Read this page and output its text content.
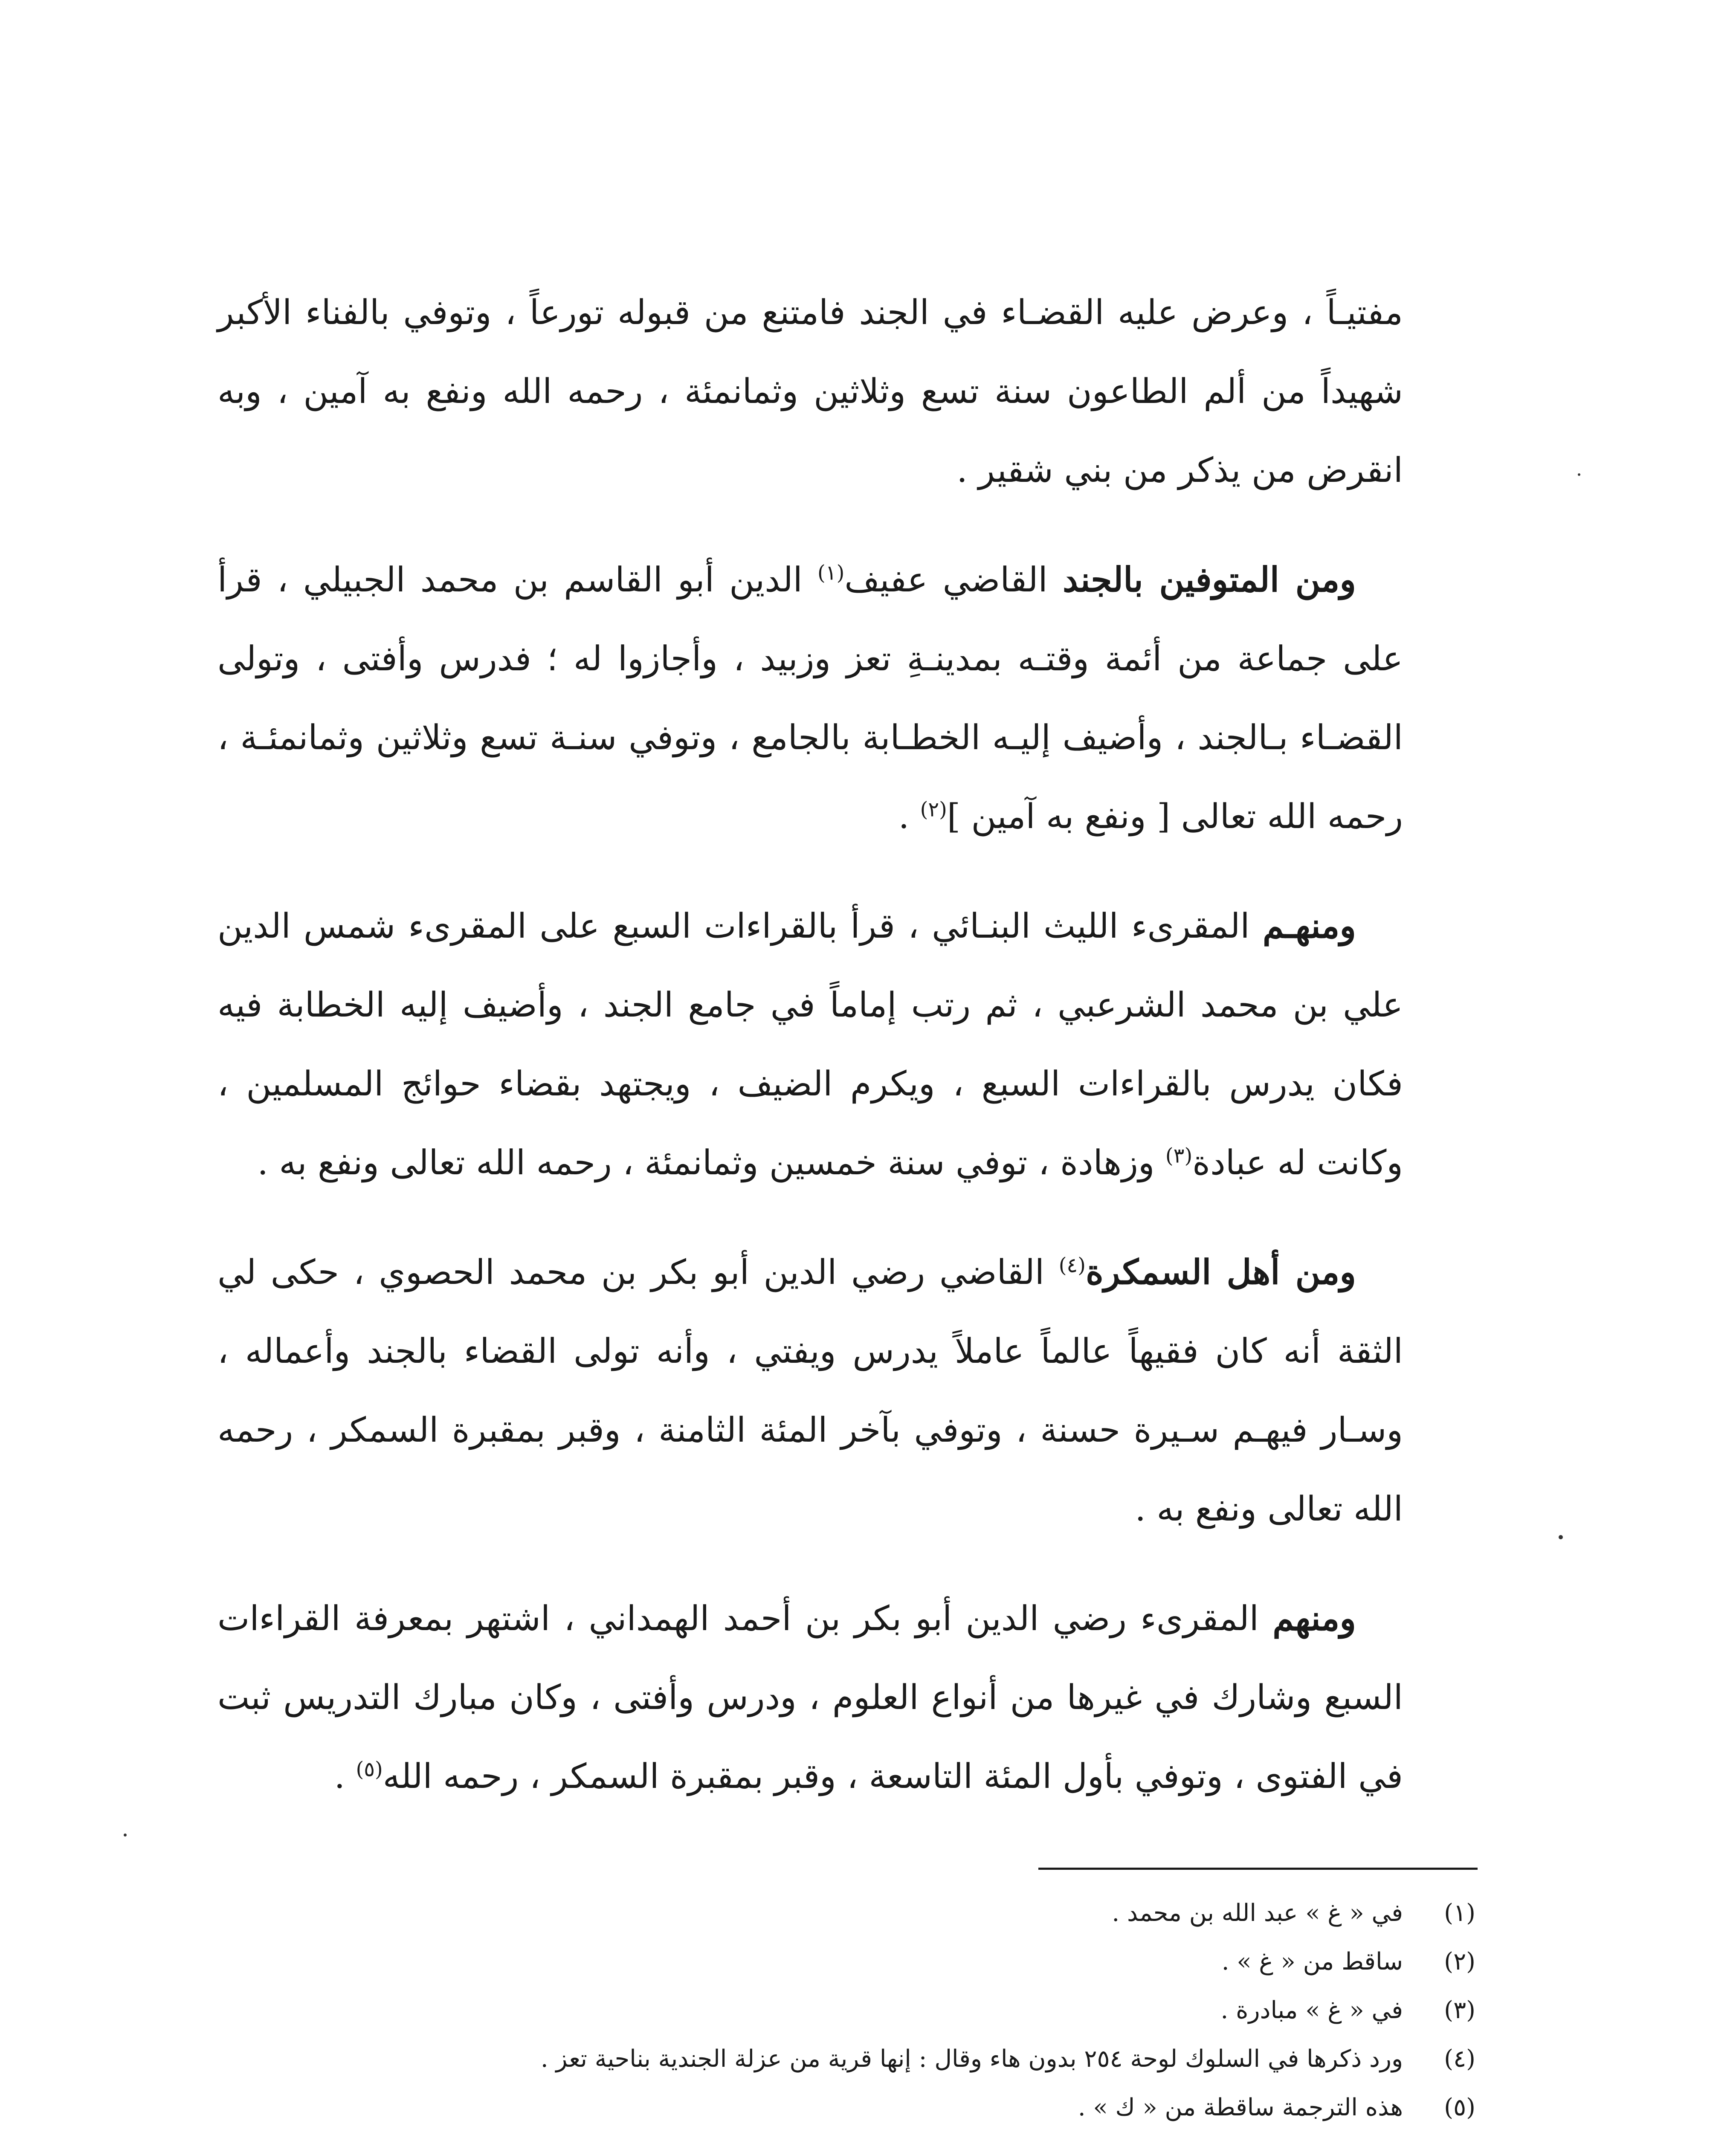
مفتيـاً ، وعرض عليه القضـاء في الجند فامتنع من قبوله تورعاً ، وتوفي بالفناء الأكبر شهيداً من ألم الطاعون سنة تسع وثلاثين وثمانمئة ، رحمه الله ونفع به آمين ، وبه انقرض من يذكر من بني شقير .

ومن المتوفين بالجند القاضي عفيف$^{(١)}$ الدين أبو القاسم بن محمد الجبيلي ، قرأ على جماعة من أئمة وقتـه بمدينـةِ تعز وزبيد ، وأجازوا له ؛ فدرس وأفتى ، وتولى القضـاء بـالجند ، وأضيف إليـه الخطـابة بالجامع ، وتوفي سنـة تسع وثلاثين وثمانمئـة ، رحمه الله تعالى [ ونفع به آمين ]$^{(٢)}$ .

ومنهـم المقرىء الليث البنـائي ، قرأ بالقراءات السبع على المقرىء شمس الدين علي بن محمد الشرعبي ، ثم رتب إماماً في جامع الجند ، وأضيف إليه الخطابة فيه فكان يدرس بالقراءات السبع ، ويكرم الضيف ، ويجتهد بقضاء حوائج المسلمين ، وكانت له عبادة$^{(٣)}$ وزهادة ، توفي سنة خمسين وثمانمئة ، رحمه الله تعالى ونفع به .

ومن أهل السمكرة$^{(٤)}$ القاضي رضي الدين أبو بكر بن محمد الحصوي ، حكى لي الثقة أنه كان فقيهاً عالماً عاملاً يدرس ويفتي ، وأنه تولى القضاء بالجند وأعماله ، وسـار فيهـم سـيرة حسنة ، وتوفي بآخر المئة الثامنة ، وقبر بمقبرة السمكر ، رحمه الله تعالى ونفع به .

ومنهم المقرىء رضي الدين أبو بكر بن أحمد الهمداني ، اشتهر بمعرفة القراءات السبع وشارك في غيرها من أنواع العلوم ، ودرس وأفتى ، وكان مبارك التدريس ثبت في الفتوى ، وتوفي بأول المئة التاسعة ، وقبر بمقبرة السمكر ، رحمه الله$^{(٥)}$ .

(١)
في « غ » عبد الله بن محمد .
(٢)
ساقط من « غ » .
(٣)
في « غ » مبادرة .
(٤)
ورد ذكرها في السلوك لوحة ٢٥٤ بدون هاء وقال : إنها قرية من عزلة الجندية بناحية تعز .
(٥)
هذه الترجمة ساقطة من « ك » .
